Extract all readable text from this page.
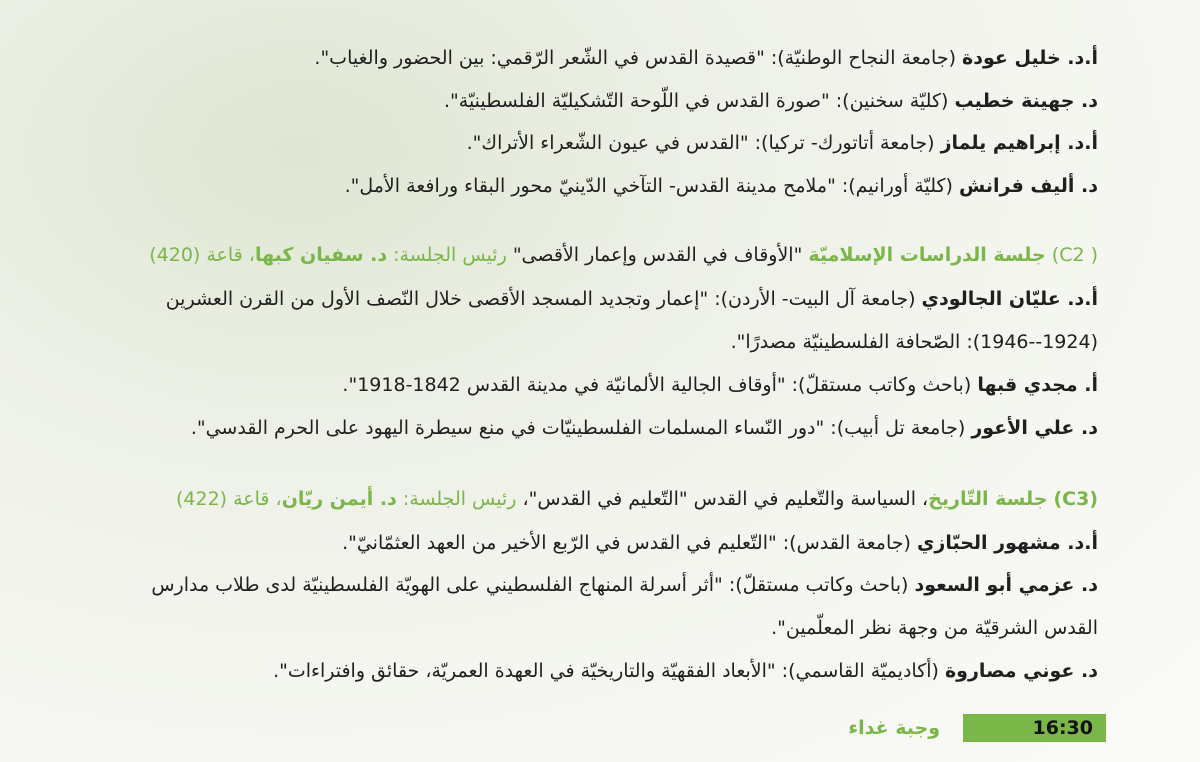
أ.د. خليل عودة (جامعة النجاح الوطنيّة): "قصيدة القدس في الشّعر الرّقمي: بين الحضور والغياب".
د. جهينة خطيب (كليّة سخنين): "صورة القدس في اللّوحة التّشكيليّة الفلسطينيّة".
أ.د. إبراهيم يلماز (جامعة أتاتورك- تركيا): "القدس في عيون الشّعراء الأتراك".
د. أليف فرانش (كليّة أورانيم): "ملامح مدينة القدس- التآخي الدّينيّ محور البقاء ورافعة الأمل".
( C2) جلسة الدراسات الإسلاميّة "الأوقاف في القدس وإعمار الأقصى" رئيس الجلسة: د. سفيان كبها، قاعة (420)
أ.د. عليّان الجالودي (جامعة آل البيت- الأردن): "إعمار وتجديد المسجد الأقصى خلال النّصف الأول من القرن العشرين
(1924--1946): الصّحافة الفلسطينيّة مصدرًا".
أ. مجدي قبها (باحث وكاتب مستقلّ): "أوقاف الجالية الألمانيّة في مدينة القدس 1842-1918".
د. علي الأعور (جامعة تل أبيب): "دور النّساء المسلمات الفلسطينيّات في منع سيطرة اليهود على الحرم القدسي".
(C3) جلسة التّاريخ، السياسة والتّعليم في القدس "التّعليم في القدس"، رئيس الجلسة: د. أيمن ريّان، قاعة (422)
أ.د. مشهور الحبّازي (جامعة القدس): "التّعليم في القدس في الرّبع الأخير من العهد العثمّانيّ".
د. عزمي أبو السعود (باحث وكاتب مستقلّ): "أثر أسرلة المنهاج الفلسطيني على الهويّة الفلسطينيّة لدى طلاب مدارس
القدس الشرقيّة من وجهة نظر المعلّمين".
د. عوني مصاروة (أكاديميّة القاسمي): "الأبعاد الفقهيّة والتاريخيّة في العهدة العمريّة، حقائق وافتراءات".
16:30
وجبة غداء
